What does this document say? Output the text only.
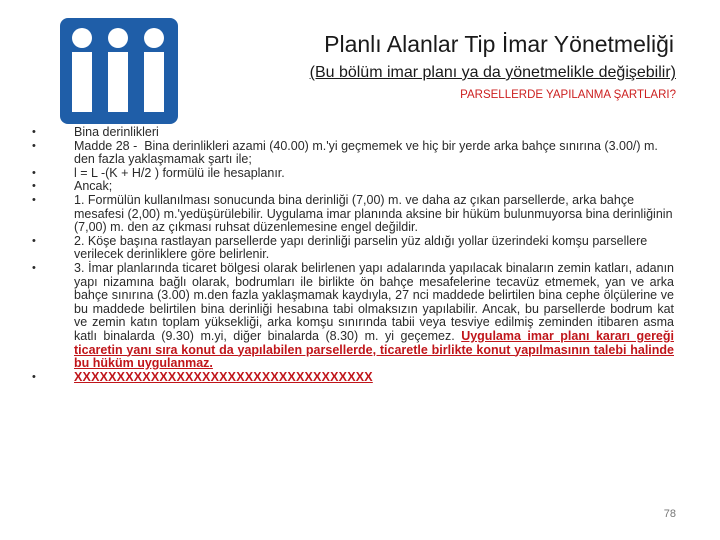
Planlı Alanlar Tip İmar Yönetmeliği
(Bu bölüm imar planı ya da yönetmelikle değişebilir)
PARSELLERDE YAPILANMA ŞARTLARI?
•	Bina derinlikleri
•	Madde 28 - Bina derinlikleri azami (40.00) m.'yi geçmemek ve hiç bir yerde arka bahçe sınırına (3.00/) m. den fazla yaklaşmamak şartı ile;
•	l = L -(K + H/2 ) formülü ile hesaplanır.
•	Ancak;
•	1. Formülün kullanılması sonucunda bina derinliği (7,00) m. ve daha az çıkan parsellerde, arka bahçe mesafesi (2,00) m.'yedüşürülebilir. Uygulama imar planında aksine bir hüküm bulunmuyorsa bina derinliğinin (7,00) m. den az çıkması ruhsat düzenlemesine engel değildir.
•	2. Köşe başına rastlayan parsellerde yapı derinliği parselin yüz aldığı yollar üzerindeki komşu parsellere verilecek derinliklere göre belirlenir.
•	3. İmar planlarında ticaret bölgesi olarak belirlenen yapı adalarında yapılacak binaların zemin katları, adanın yapı nizamına bağlı olarak, bodrumları ile birlikte ön bahçe mesafelerine tecavüz etmemek, yan ve arka bahçe sınırına (3.00) m.den fazla yaklaşmamak kaydıyla, 27 nci maddede belirtilen bina cephe ölçülerine ve bu maddede belirtilen bina derinliği hesabına tabi olmaksızın yapılabilir. Ancak, bu parsellerde bodrum kat ve zemin katın toplam yüksekliği, arka komşu sınırında tabii veya tesviye edilmiş zeminden itibaren asma katlı binalarda (9.30) m.yi, diğer binalarda (8.30) m. yi geçemez. Uygulama imar planı kararı gereği ticaretin yanı sıra konut da yapılabilen parsellerde, ticaretle birlikte konut yapılmasının talebi halinde bu hüküm uygulanmaz.
•	XXXXXXXXXXXXXXXXXXXXXXXXXXXXXXXXXXX
78
